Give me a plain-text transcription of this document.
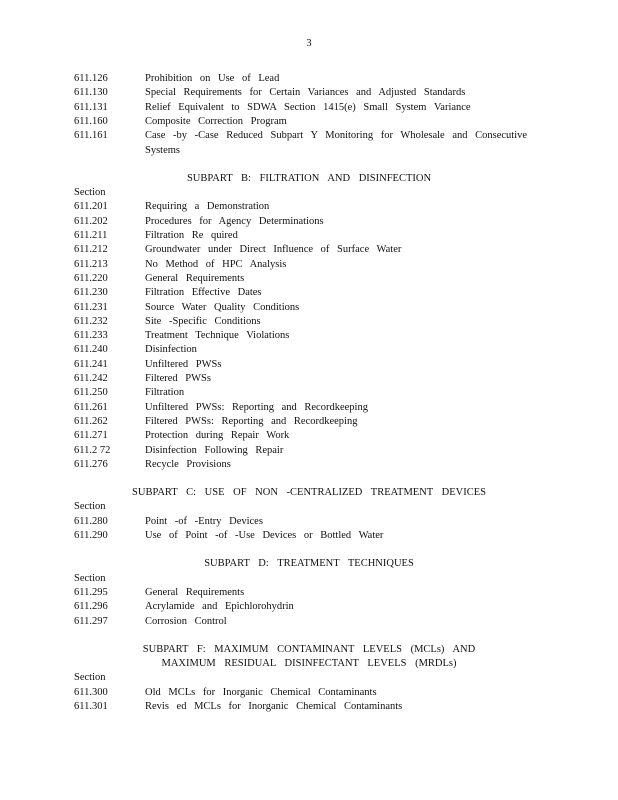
3
611.126	Prohibition on Use of Lead
611.130	Special Requirements for Certain Variances and Adjusted Standards
611.131	Relief Equivalent to SDWA Section 1415(e) Small System Variance
611.160	Composite Correction Program
611.161	Case -by -Case Reduced Subpart Y Monitoring for Wholesale and Consecutive
Systems
SUBPART B: FILTRATION AND DISINFECTION
Section
611.201	Requiring a Demonstration
611.202	Procedures for Agency Determinations
611.211	Filtration Re quired
611.212	Groundwater under Direct Influence of Surface Water
611.213	No Method of HPC Analysis
611.220	General Requirements
611.230	Filtration Effective Dates
611.231	Source Water Quality Conditions
611.232	Site -Specific Conditions
611.233	Treatment Technique Violations
611.240	Disinfection
611.241	Unfiltered PWSs
611.242	Filtered PWSs
611.250	Filtration
611.261	Unfiltered PWSs: Reporting and Recordkeeping
611.262	Filtered PWSs: Reporting and Recordkeeping
611.271	Protection during Repair Work
611.2 72	Disinfection Following Repair
611.276	Recycle Provisions
SUBPART C: USE OF NON -CENTRALIZED TREATMENT DEVICES
Section
611.280	Point -of -Entry Devices
611.290	Use of Point -of -Use Devices or Bottled Water
SUBPART D: TREATMENT TECHNIQUES
Section
611.295	General Requirements
611.296	Acrylamide and Epichlorohydrin
611.297	Corrosion Control
SUBPART F: MAXIMUM CONTAMINANT LEVELS (MCLs) AND
MAXIMUM RESIDUAL DISINFECTANT LEVELS (MRDLs)
Section
611.300	Old MCLs for Inorganic Chemical Contaminants
611.301	Revis ed MCLs for Inorganic Chemical Contaminants
